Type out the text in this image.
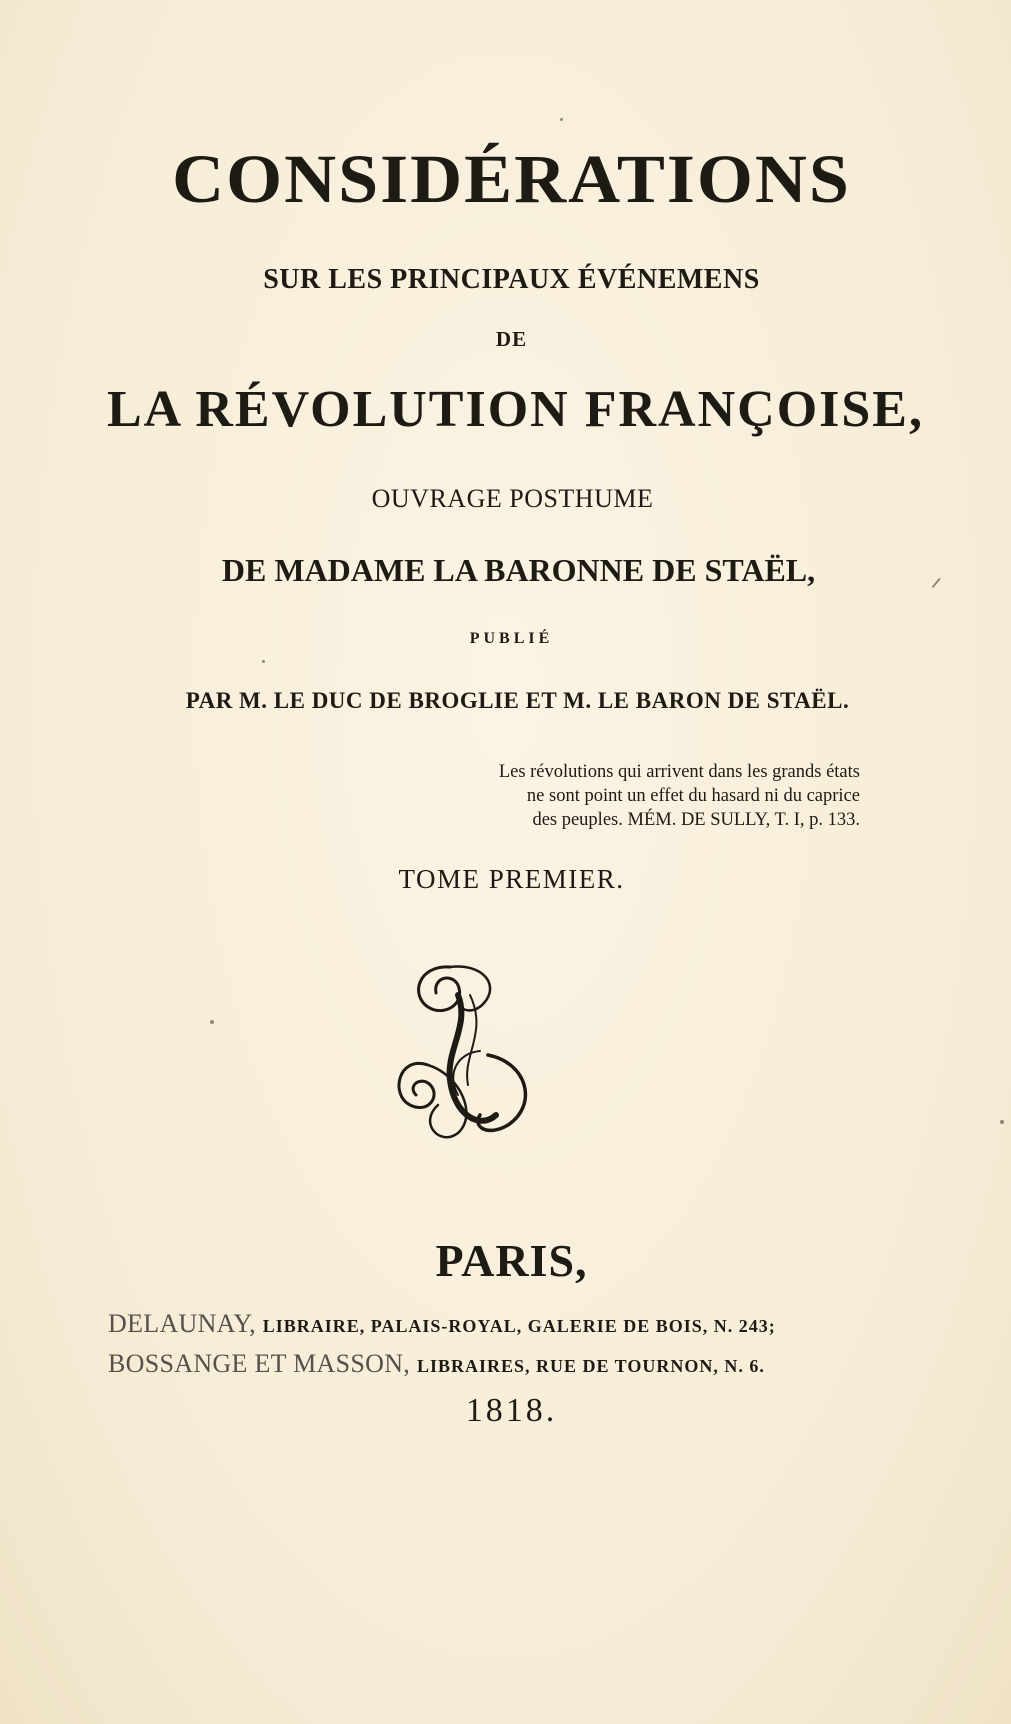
CONSIDÉRATIONS
SUR LES PRINCIPAUX ÉVÉNEMENS
DE
LA RÉVOLUTION FRANÇOISE,
OUVRAGE POSTHUME
DE MADAME LA BARONNE DE STAËL,
PUBLIÉ
PAR M. LE DUC DE BROGLIE ET M. LE BARON DE STAËL.
Les révolutions qui arrivent dans les grands états
ne sont point un effet du hasard ni du caprice
des peuples. MÉM. DE SULLY, T. I, p. 133.
TOME PREMIER.
PARIS,
DELAUNAY, LIBRAIRE, PALAIS-ROYAL, GALERIE DE BOIS, N. 243;
BOSSANGE ET MASSON, LIBRAIRES, RUE DE TOURNON, N. 6.
1818.
